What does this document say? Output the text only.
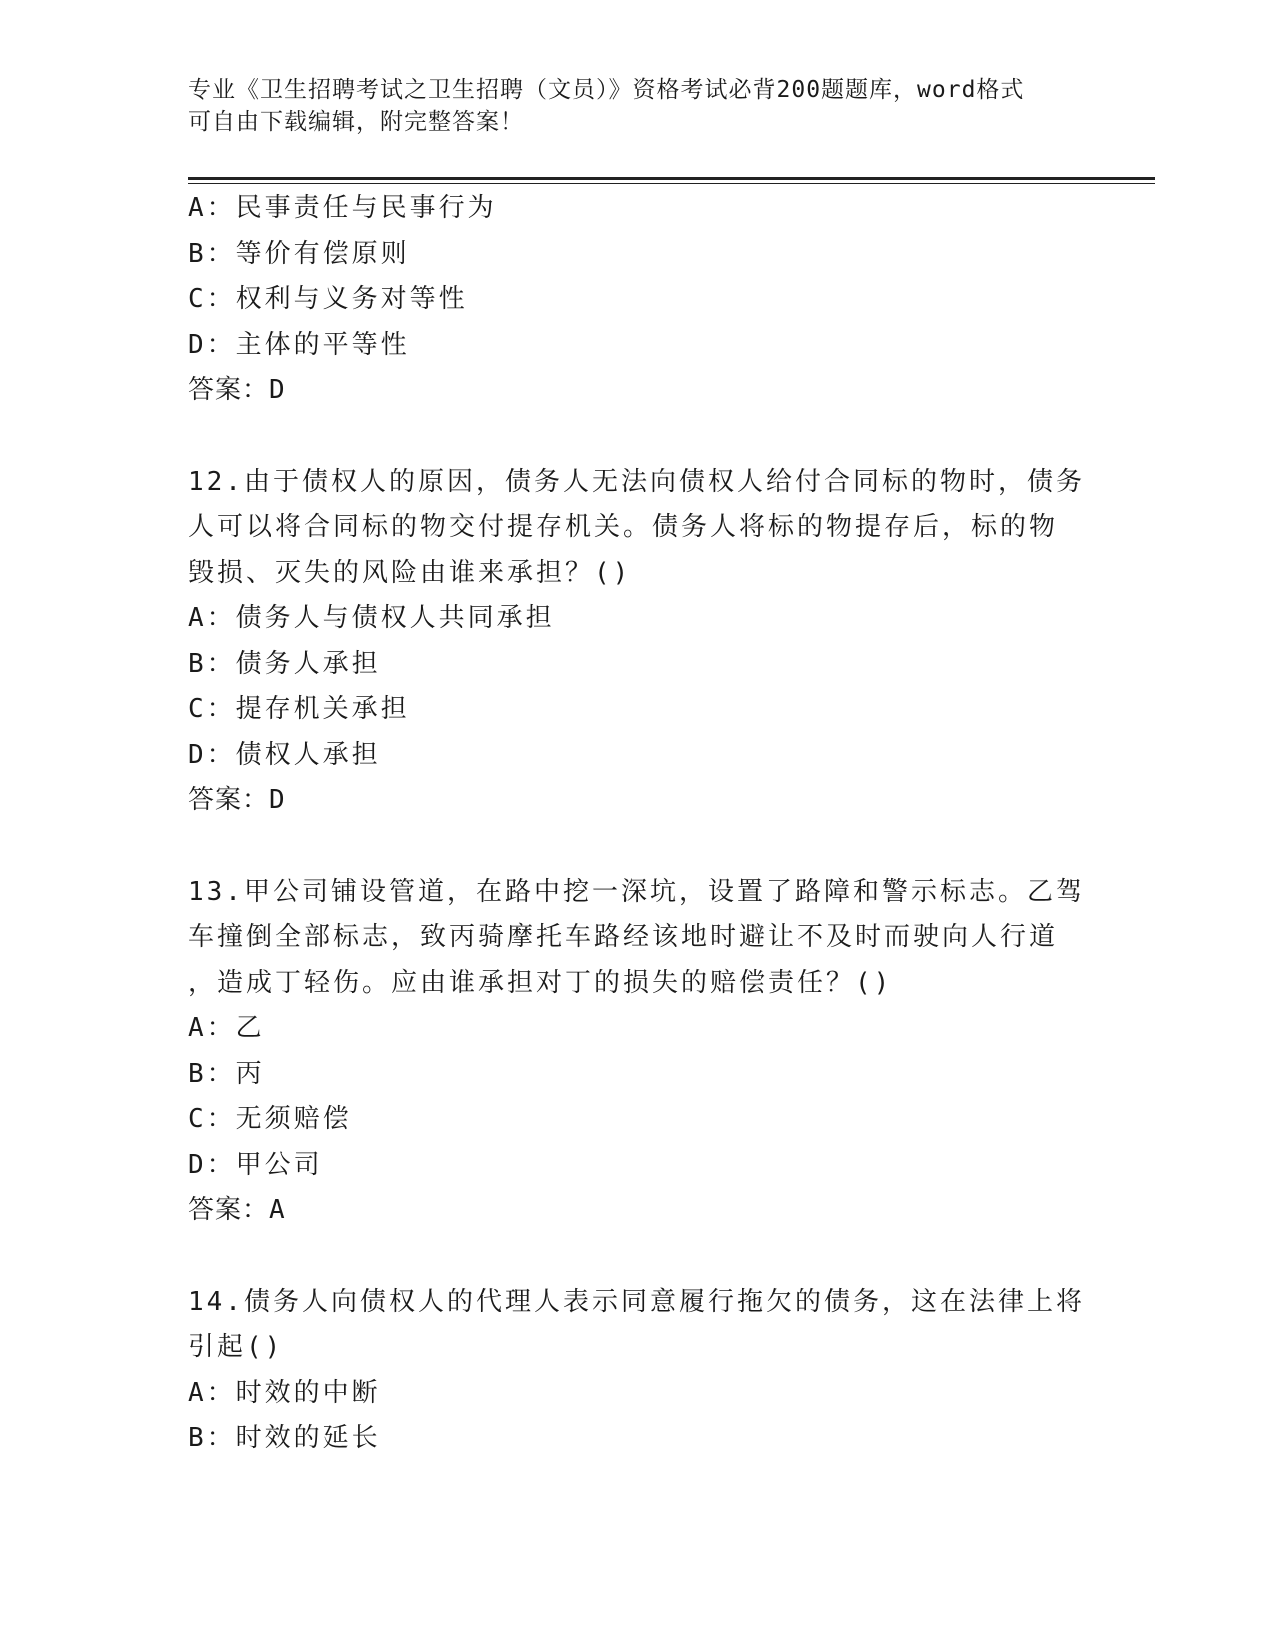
专业《卫生招聘考试之卫生招聘（文员）》资格考试必背200题题库，word格式
可自由下载编辑，附完整答案！
A：民事责任与民事行为
B：等价有偿原则
C：权利与义务对等性
D：主体的平等性
答案：D
12.由于债权人的原因，债务人无法向债权人给付合同标的物时，债务
人可以将合同标的物交付提存机关。债务人将标的物提存后，标的物
毁损、灭失的风险由谁来承担？()
A：债务人与债权人共同承担
B：债务人承担
C：提存机关承担
D：债权人承担
答案：D
13.甲公司铺设管道，在路中挖一深坑，设置了路障和警示标志。乙驾
车撞倒全部标志，致丙骑摩托车路经该地时避让不及时而驶向人行道
，造成丁轻伤。应由谁承担对丁的损失的赔偿责任？()
A：乙
B：丙
C：无须赔偿
D：甲公司
答案：A
14.债务人向债权人的代理人表示同意履行拖欠的债务，这在法律上将
引起()
A：时效的中断
B：时效的延长
